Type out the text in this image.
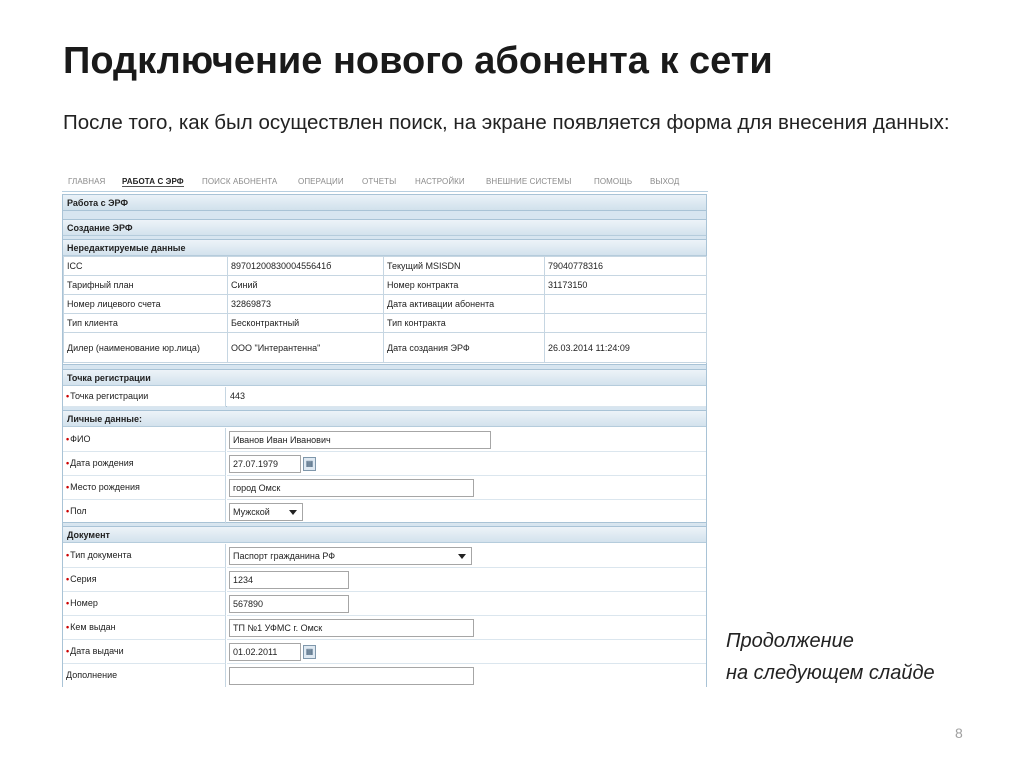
Подключение нового абонента к сети
После того, как был осуществлен поиск, на экране появляется форма для внесения данных:
ГЛАВНАЯ РАБОТА С ЭРФ ПОИСК АБОНЕНТА	ОПЕРАЦИИ ОТЧЕТЫ НАСТРОЙКИ	ВНЕШНИЕ СИСТЕМЫ	ПОМОЩЬ ВЫХОД
Работа с ЭРФ
Создание ЭРФ
Нередактируемые данные
ICC	8970120083000455641б	Текущий MSISDN	79040778316
Тарифный план	Синий	Номер контракта	31173150
Номер лицевого счета	32869873	Дата активации абонента	
Тип клиента	Бесконтрактный	Тип контракта	
Дилер (наименование юр.лица)	ООО "Интерантенна"	Дата создания ЭРФ	26.03.2014 11:24:09
Точка регистрации
•Точка регистрации	443
Личные данные:
•ФИО	Иванов Иван Иванович
•Дата рождения	27.07.1979	▦
•Место рождения	город Омск
•Пол	Мужской
Документ
•Тип документа	Паспорт гражданина РФ
•Серия	1234
•Номер	567890
•Кем выдан	ТП №1 УФМС г. Омск
•Дата выдачи	01.02.2011	▦
Дополнение
Продолжение
на следующем слайде
8
